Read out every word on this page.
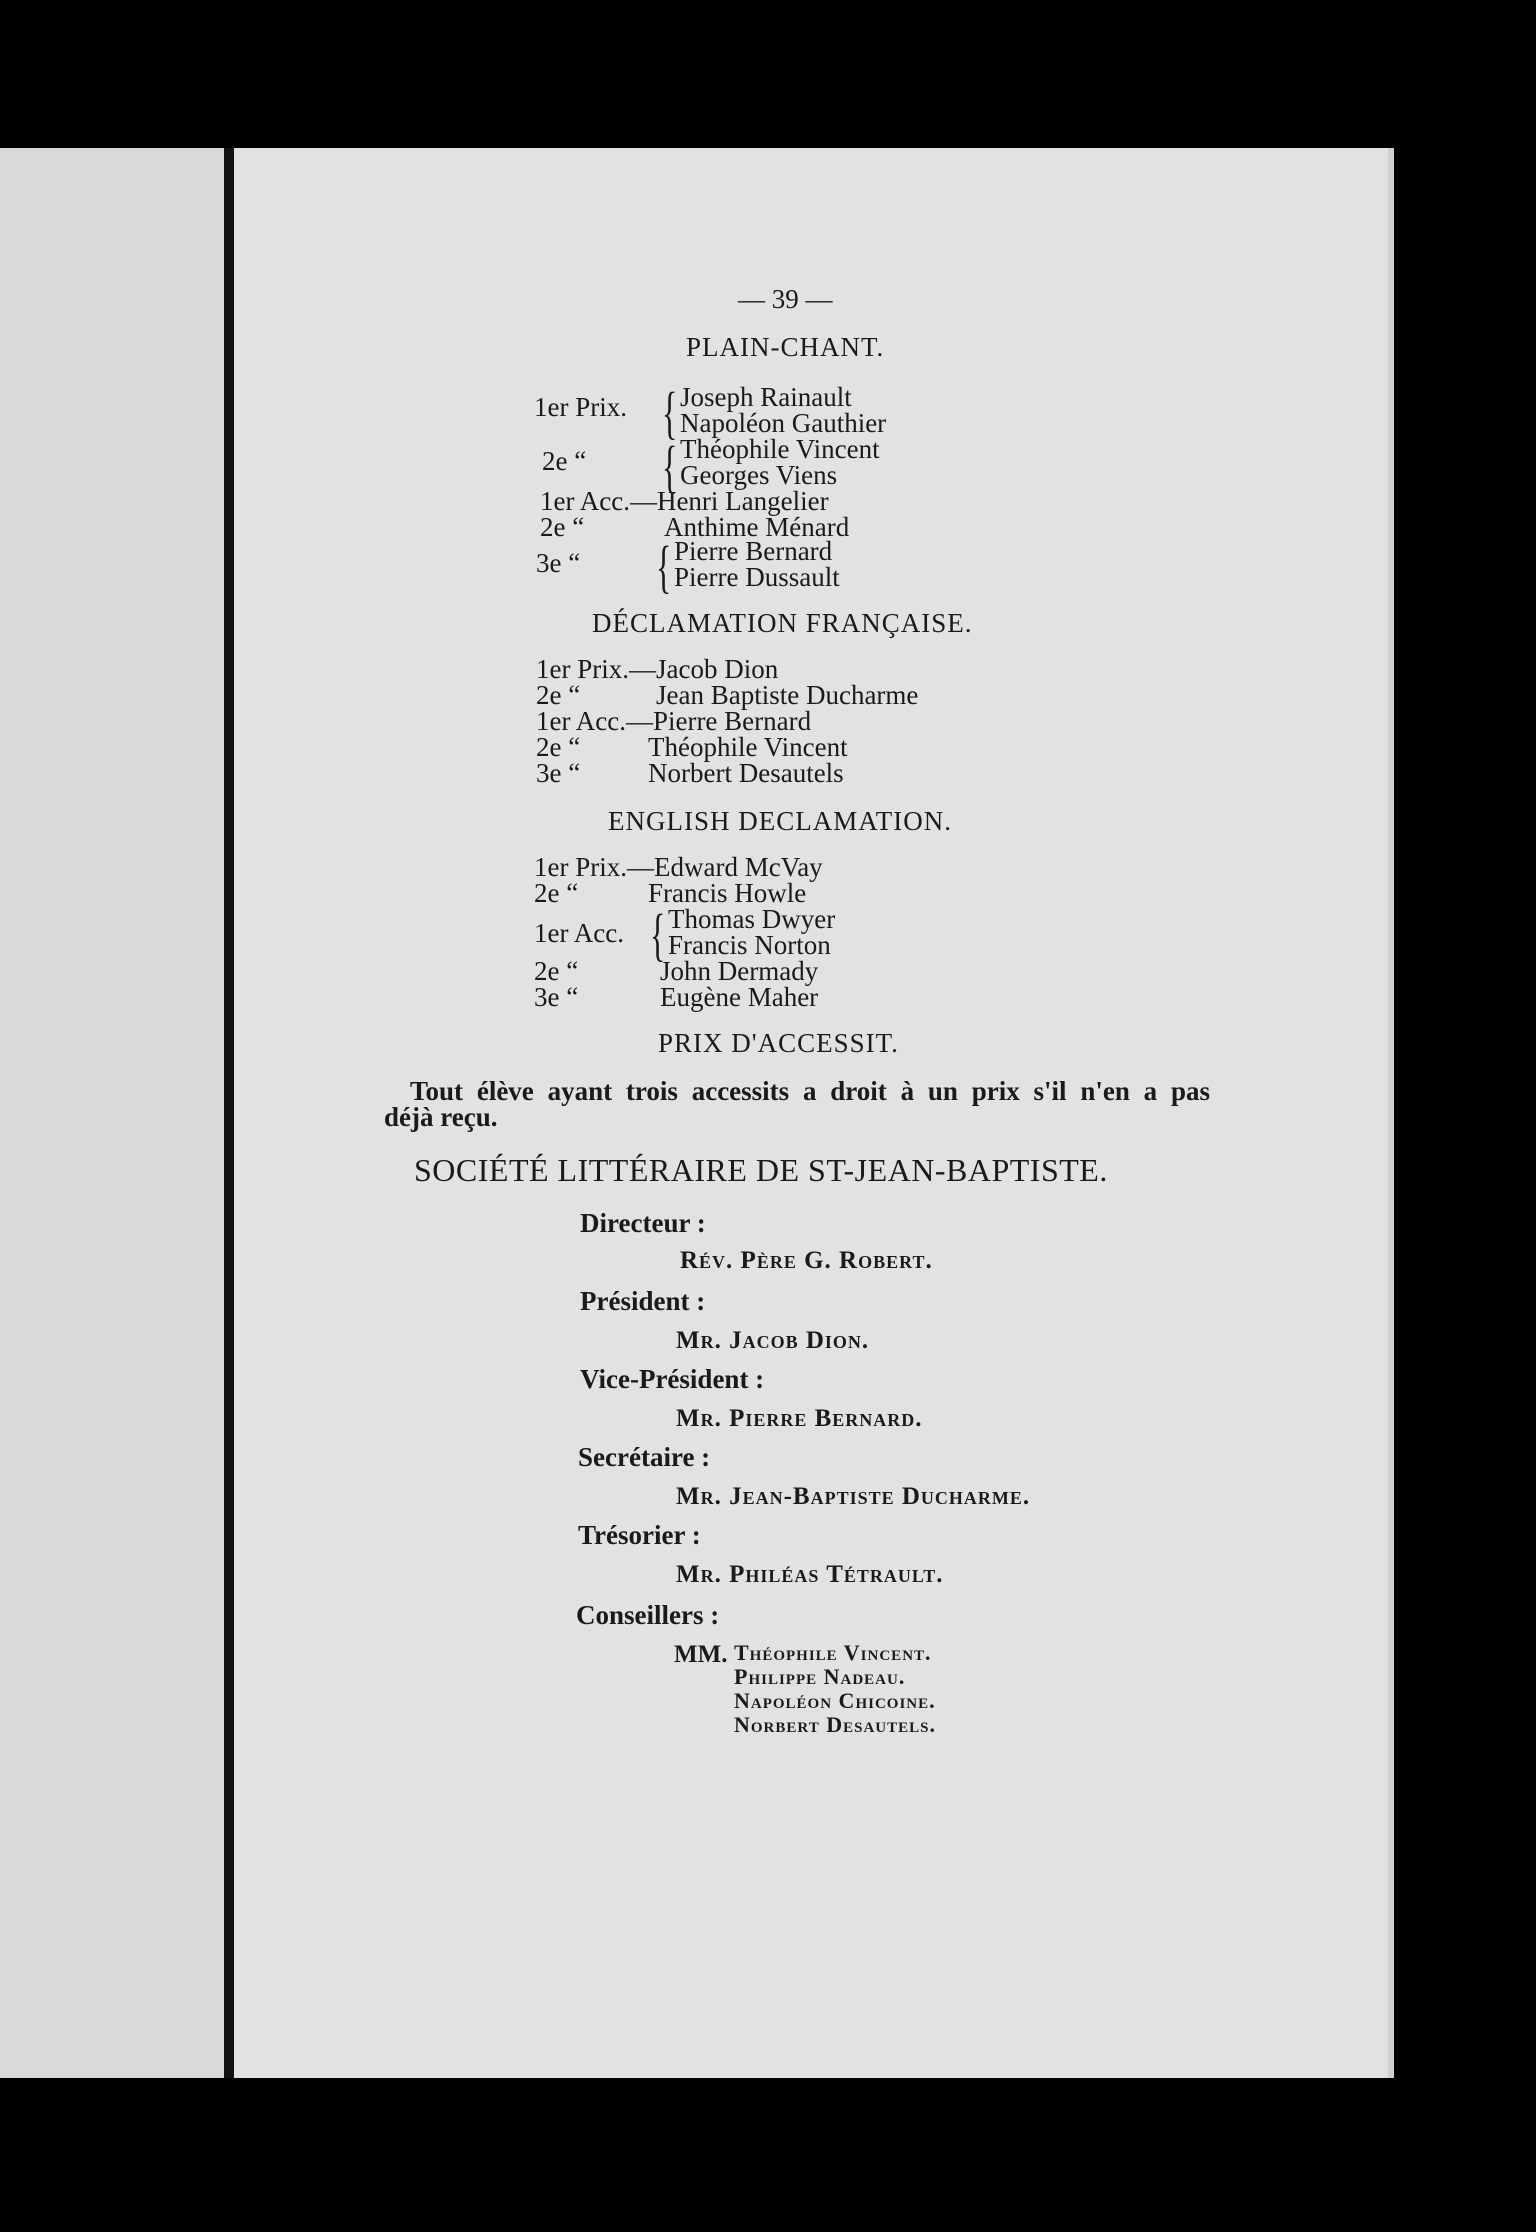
— 39 —
PLAIN-CHANT.
1er Prix. { Joseph Rainault
Napoléon Gauthier
2e “ { Théophile Vincent
Georges Viens
1er Acc.—Henri Langelier
2e “	Anthime Ménard
3e “ { Pierre Bernard
Pierre Dussault
DÉCLAMATION FRANÇAISE.
1er Prix.—Jacob Dion
2e “	Jean Baptiste Ducharme
1er Acc.—Pierre Bernard
2e “	Théophile Vincent
3e “	Norbert Desautels
ENGLISH DECLAMATION.
1er Prix.—Edward McVay
2e “	Francis Howle
1er Acc. { Thomas Dwyer
Francis Norton
2e “	John Dermady
3e “	Eugène Maher
PRIX D'ACCESSIT.
Tout élève ayant trois accessits a droit à un prix s'il n'en a pas
déjà reçu.
SOCIÉTÉ LITTÉRAIRE DE ST-JEAN-BAPTISTE.
Directeur :
Rév. Père G. Robert.
Président :
Mr. Jacob Dion.
Vice-Président :
Mr. Pierre Bernard.
Secrétaire :
Mr. Jean-Baptiste Ducharme.
Trésorier :
Mr. Philéas Tétrault.
Conseillers :
MM. Théophile Vincent.
Philippe Nadeau.
Napoléon Chicoine.
Norbert Desautels.
